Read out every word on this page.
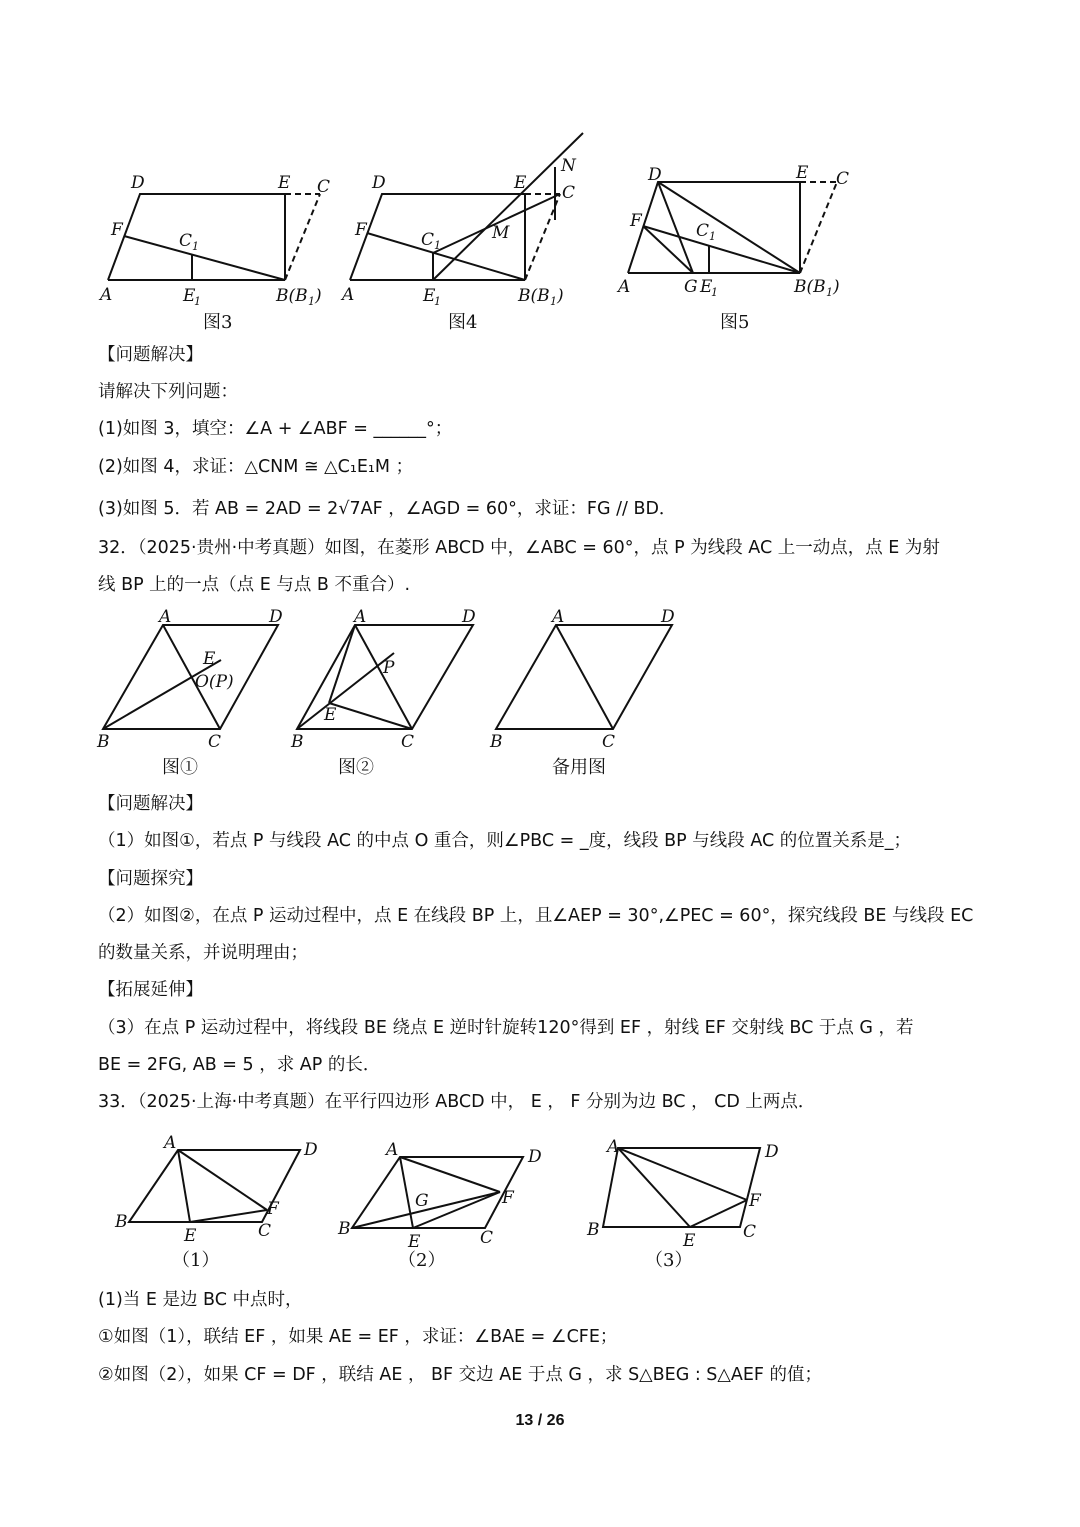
D	E C
F
C 1
A	E
1	B(B 1 )
图3
D	E C
N
F	C 1
M
A	E
1	B(B 1 )
图4
D	E C
F	C 1
A	G E
1	B(B 1 )
图5
【问题解决】
请解决下列问题：
(1)如图 3，填空：∠A + ∠ABF = ______°；
(2)如图 4，求证：△CNM ≅ △C₁E₁M ；
(3)如图 5．若 AB = 2AD = 2√7AF ，∠AGD = 60°，求证：FG // BD．
32．（2025·贵州·中考真题）如图，在菱形 ABCD 中，∠ABC = 60°，点 P 为线段 AC 上一动点，点 E 为射
线 BP 上的一点（点 E 与点 B 不重合）.
A	D
E
O(P)
B	C
图①
A	D
P
E
B	C
图②
A	D
B	C
备用图
【问题解决】
（1）如图①，若点 P 与线段 AC 的中点 O 重合，则∠PBC = _度，线段 BP 与线段 AC 的位置关系是_；
【问题探究】
（2）如图②，在点 P 运动过程中，点 E 在线段 BP 上，且∠AEP = 30°,∠PEC = 60°，探究线段 BE 与线段 EC
的数量关系，并说明理由；
【拓展延伸】
（3）在点 P 运动过程中，将线段 BE 绕点 E 逆时针旋转120°得到 EF ，射线 EF 交射线 BC 于点 G ，若
BE = 2FG, AB = 5 ，求 AP 的长．
33．（2025·上海·中考真题）在平行四边形 ABCD 中， E ， F 分别为边 BC ， CD 上两点．
A	D
F
B
E	C
（1）
A	D
G	F
B
E	C
（2）
A	D
F
B
E	C
（3）
(1)当 E 是边 BC 中点时，
①如图（1），联结 EF ，如果 AE = EF ，求证：∠BAE = ∠CFE；
②如图（2），如果 CF = DF ，联结 AE ， BF 交边 AE 于点 G ，求 S△BEG : S△AEF 的值；
13 / 26
